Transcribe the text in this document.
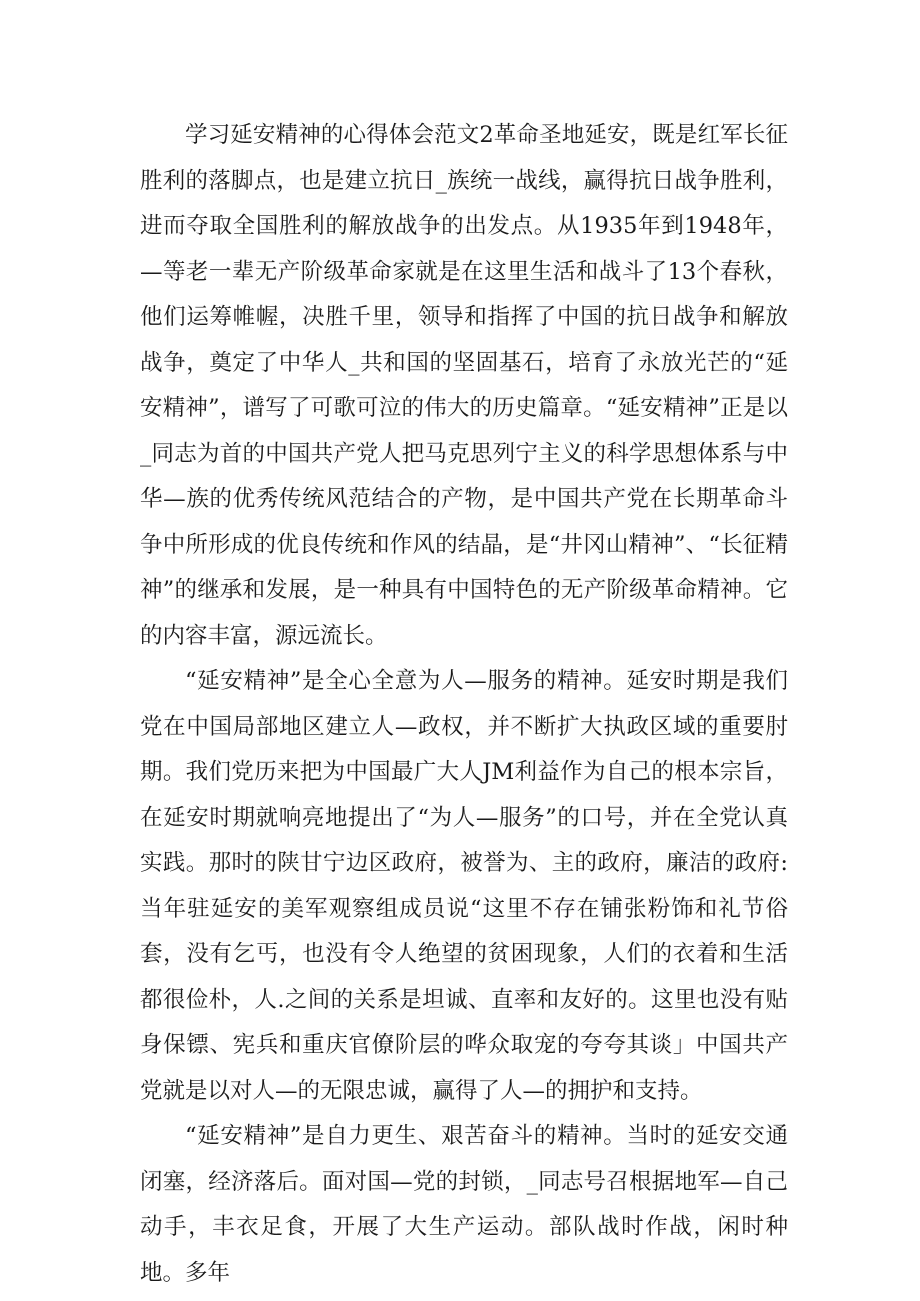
学习延安精神的心得体会范文2革命圣地延安，既是红军长征胜利的落脚点，也是建立抗日_族统一战线，赢得抗日战争胜利，进而夺取全国胜利的解放战争的出发点。从1935年到1948年，—等老一辈无产阶级革命家就是在这里生活和战斗了13个春秋，他们运筹帷幄，决胜千里，领导和指挥了中国的抗日战争和解放战争，奠定了中华人_共和国的坚固基石，培育了永放光芒的“延安精神”，谱写了可歌可泣的伟大的历史篇章。“延安精神”正是以_同志为首的中国共产党人把马克思列宁主义的科学思想体系与中华—族的优秀传统风范结合的产物，是中国共产党在长期革命斗争中所形成的优良传统和作风的结晶，是“井冈山精神”、“长征精神”的继承和发展，是一种具有中国特色的无产阶级革命精神。它的内容丰富，源远流长。

“延安精神”是全心全意为人—服务的精神。延安时期是我们党在中国局部地区建立人—政权，并不断扩大执政区域的重要肘期。我们党历来把为中国最广大人JM利益作为自己的根本宗旨，在延安时期就响亮地提出了“为人—服务”的口号，并在全党认真实践。那时的陕甘宁边区政府，被誉为、主的政府，廉洁的政府:当年驻延安的美军观察组成员说“这里不存在铺张粉饰和礼节俗套，没有乞丐，也没有令人绝望的贫困现象，人们的衣着和生活都很俭朴，人.之间的关系是坦诚、直率和友好的。这里也没有贴身保镖、宪兵和重庆官僚阶层的哗众取宠的夸夸其谈」中国共产党就是以对人—的无限忠诚，赢得了人—的拥护和支持。

“延安精神”是自力更生、艰苦奋斗的精神。当时的延安交通闭塞，经济落后。面对国—党的封锁，_同志号召根据地军—自己动手，丰衣足食，开展了大生产运动。部队战时作战，闲时种地。多年
